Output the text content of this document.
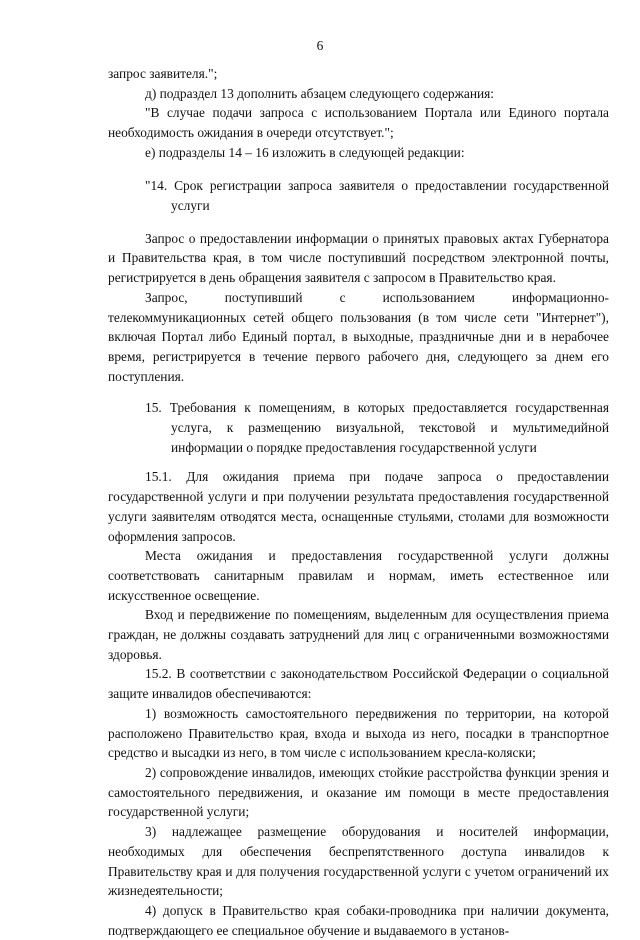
6

запрос заявителя.";

д) подраздел 13 дополнить абзацем следующего содержания:

"В случае подачи запроса с использованием Портала или Единого портала необходимость ожидания в очереди отсутствует.";

е) подразделы 14 – 16 изложить в следующей редакции:

"14. Срок регистрации запроса заявителя о предоставлении государственной услуги

Запрос о предоставлении информации о принятых правовых актах Губернатора и Правительства края, в том числе поступивший посредством электронной почты, регистрируется в день обращения заявителя с запросом в Правительство края.

Запрос, поступивший с использованием информационно-телекоммуникационных сетей общего пользования (в том числе сети "Интернет"), включая Портал либо Единый портал, в выходные, праздничные дни и в нерабочее время, регистрируется в течение первого рабочего дня, следующего за днем его поступления.

15. Требования к помещениям, в которых предоставляется государственная услуга, к размещению визуальной, текстовой и мультимедийной информации о порядке предоставления государственной услуги

15.1. Для ожидания приема при подаче запроса о предоставлении государственной услуги и при получении результата предоставления государственной услуги заявителям отводятся места, оснащенные стульями, столами для возможности оформления запросов.

Места ожидания и предоставления государственной услуги должны соответствовать санитарным правилам и нормам, иметь естественное или искусственное освещение.

Вход и передвижение по помещениям, выделенным для осуществления приема граждан, не должны создавать затруднений для лиц с ограниченными возможностями здоровья.

15.2. В соответствии с законодательством Российской Федерации о социальной защите инвалидов обеспечиваются:

1) возможность самостоятельного передвижения по территории, на которой расположено Правительство края, входа и выхода из него, посадки в транспортное средство и высадки из него, в том числе с использованием кресла-коляски;

2) сопровождение инвалидов, имеющих стойкие расстройства функции зрения и самостоятельного передвижения, и оказание им помощи в месте предоставления государственной услуги;

3) надлежащее размещение оборудования и носителей информации, необходимых для обеспечения беспрепятственного доступа инвалидов к Правительству края и для получения государственной услуги с учетом ограничений их жизнедеятельности;

4) допуск в Правительство края собаки-проводника при наличии документа, подтверждающего ее специальное обучение и выдаваемого в установ-
